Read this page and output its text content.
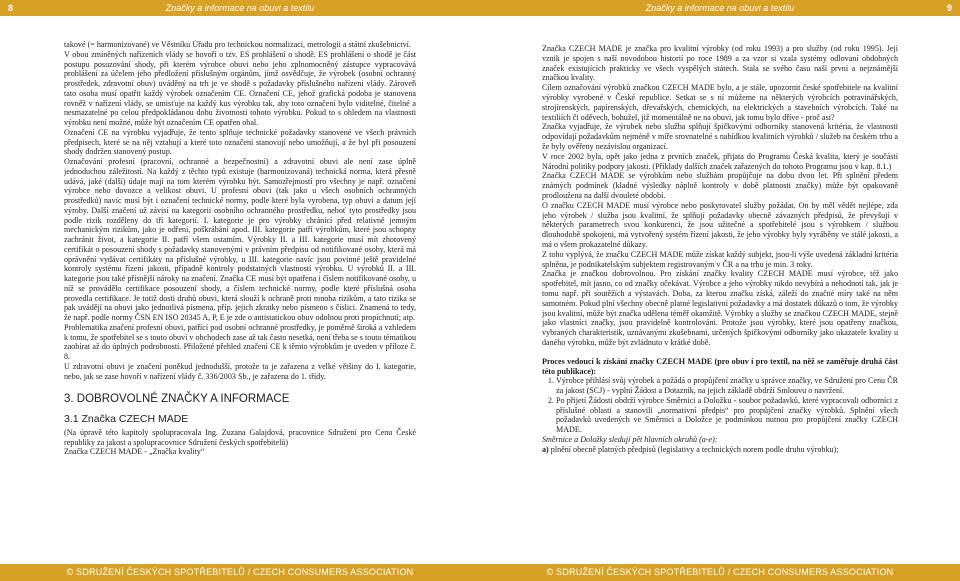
8	Značky a informace na obuvi a textilu

takové (= harmonizované) ve Věstníku Úřadu pro technickou normalizaci, metrologii a státní zkušebnictví.

V obou zmíněných nařízeních vlády se hovoří o tzv. ES prohlášení o shodě. ES prohlášení o shodě je část postupu posuzování shody, při kterém výrobce obuvi nebo jeho zplnomocněný zástupce vypracovává prohlášení za účelem jeho předložení příslušným orgánům, jímž osvědčuje, že výrobek (osobní ochranný prostředek, zdravotní obuv) uváděný na trh je ve shodě s požadavky příslušného nařízení vlády. Zároveň tato osoba musí opatřit každý výrobek označením CE. Označení CE, jehož grafická podoba je stanovena rovněž v nařízení vlády, se umisťuje na každý kus výrobku tak, aby toto označení bylo viditelné, čitelné a nesmazatelné po celou předpokládanou dobu životnosti tohoto výrobku. Pokud to s ohledem na vlastnosti výrobku není možné, může být označením CE opatřen obal.

Označení CE na výrobku vyjadřuje, že tento splňuje technické požadavky stanovené ve všech právních předpisech, které se na něj vztahují a které toto označení stanovují nebo umožňují, a že byl při posouzení shody dodržen stanovený postup.

Označování profesní (pracovní, ochranné a bezpečnostní) a zdravotní obuvi ale není zase úplně jednoduchou záležitostí. Na každý z těchto typů existuje (harmonizovaná) technická norma, která přesně udává, jaké (další) údaje mají na tom kterém výrobku být. Samozřejmostí pro všechny je např. označení výrobce nebo dovozce a velikost obuvi. U profesní obuvi (tak jako u všech osobních ochranných prostředků) navíc musí být i označení technické normy, podle které byla vyrobena, typ obuvi a datum její výroby. Další značení už závisí na kategorii osobního ochranného prostředku, neboť tyto prostředky jsou podle rizik rozděleny do tří kategorií. I. kategorie je pro výrobky chránící před relativně jemným mechanickým rizikům, jako je odření, poškrábání apod. III. kategorie patří výrobkům, které jsou schopny zachránit život, a kategorie II. patří všem ostatním. Výrobky II. a III. kategorie musí mít zhotovený certifikát o posouzení shody s požadavky stanovenými v právním předpisu od notifikované osoby, která má oprávnění vydávat certifikáty na příslušné výrobky, u III. kategorie navíc jsou povinné ještě pravidelné kontroly systému řízení jakosti, případně kontroly podstatných vlastností výrobku. U výrobků II. a III. kategorie jsou také přísnější nároky na značení. Značka CE musí být opatřena i číslem notifikované osoby, u níž se provádělo certifikace posouzení shody, a číslem technické normy, podle které příslušná osoba provedla certifikace. Je totiž dosti druhů obuvi, která slouží k ochraně proti mnoha rizikům, a tato rizika se pak uvádějí na obuvi jako jednotlivá písmena, příp. jejich zkratky nebo písmeno s číslici. Znamená to tedy, že např. podle normy ČSN EN ISO 20345 A, P, E je zde o antistatickou obuv odolnou proti propíchnutí; atp.

Problematika značení profesní obuvi, patřící pod osobní ochranné prostředky, je poměrně široká a vzhledem k tomu, že spotřebitel se s touto obuví v obchodech zase až tak často nesetká, není třeba se s touto tématikou zaobírat až do úplných podrobností. Přiložené přehled značení CE k těmto výrobkům je uveden v příloze č. 8.

U zdravotní obuvi je značení poněkud jednodušší, protože ta je zařazena z velké většiny do I. kategorie, nebo, jak se zase hovoří v nařízení vlády č. 336/2003 Sb., je zařazena do 1. třídy.

3. DOBROVOLNÉ ZNAČKY A INFORMACE
3.1 Značka CZECH MADE

(Na úpravě této kapitoly spolupracovala Ing. Zuzana Galajdová, pracovnice Sdružení pro Cenu České republiky za jakost a spolupracovnice Sdružení českých spotřebitelů)

Značka CZECH MADE - „Značka kvality“

© SDRUŽENÍ ČESKÝCH SPOTŘEBITELŮ / CZECH CONSUMERS ASSOCIATION
Značky a informace na obuvi a textilu	9

Značka CZECH MADE je značka pro kvalitní výrobky (od roku 1993) a pro služby (od roku 1995). Její vznik je spojen s naší novodobou historií po roce 1989 a za vzor si vzala systémy odlovaní obdobných značek existujících prakticky ve všech vyspělých státech. Stala se svého času naší první a nejznámější značkou kvality.

Cílem označování výrobků značkou CZECH MADE bylo, a je stále, upozornit české spotřebitele na kvalitní výrobky vyrobené v České republice. Setkat se s ní můžeme na některých výrobcích potravinářských, strojírenských, papírenských, dřevařských, chemických, na elektrických a stavebních výrobcích. Také na textiliích či oděvech, bohužel, již momentálně ne na obuvi, jak tomu bylo dříve - proč asi?

Značka vyjadřuje, že výrobek nebo služba splňují špičkovými odborníky stanovená kritéria, že vlastnosti odpovídají požadavkům nejméně v míře srovnatelné s nabídkou kvalitních výrobků / služeb na českém trhu a že byly ověřeny nezávislou organizací.

V roce 2002 byla, opět jako jedna z prvních značek, přijata do Programu Česká kvalita, který je součástí Národní politiky podpory jakosti. (Příklady dalších značek zařazených do tohoto Programu jsou v kap. 8.1.)

Značka CZECH MADE se výrobkům nebo službám propůjčuje na dobu dvou let. Při splnění předem známých podmínek (kladné výsledky náplně kontroly v době platnosti značky) může být opakovaně prodloužena na další dvouleté období.

O značku CZECH MADE musí výrobce nebo poskytovatel služby požádat. On by měl vědět nejlépe, zda jeho výrobek / služba jsou kvalitní, že splňují požadavky obecně závazných předpisů, že převyšují v některých parametrech svou konkurenci, že jsou užitečné a spotřebitelé jsou s výrobkem / službou dlouhodobě spokojeni, má vytvořený systém řízení jakosti, že jeho výrobky byly vyráběny ve stálé jakosti, a má o všem prokazatelné důkazy.

Z toho vyplývá, že značku CZECH MADE může získat každý subjekt, jsou-li výše uvedená základní kritéria splněna, je podnikatelským subjektem registrovaným v ČR a na trhu je min. 3 roky.

Značka je značkou dobrovolnou. Pro získání značky kvality CZECH MADE musí výrobce, též jako spotřebitel, mít jasno, co od značky očekávat. Výrobce a jeho výrobky nikdo nevybírá a nehodnotí tak, jak je tomu např. při soutěžích a výstavách. Doba, za kterou značku získá, záleží do značné míry také na něm samotném. Pokud plní všechny obecně platné legislativní požadavky a má dostatek důkazů o tom, že výrobky jsou kvalitní, může být značka udělena téměř okamžitě. Výrobky a služby se značkou CZECH MADE, stejně jako vlastníci značky, jsou pravidelně kontrolováni. Protože jsou výrobky, které jsou opatřeny značkou, vybraných charakteristik, uznávanými zkušebnami, určených špičkovými odborníky jako ukazatele kvality u daného výrobku, může být zvládnuto v krátké době.

Proces vedoucí k získání značky CZECH MADE (pro obuv i pro textil, na něž se zaměřuje druhá část této publikace):

1. Výrobce přihlásí svůj výrobek a požádá o propůjčení značky u správce značky, ve Sdružení pro Cenu ČR za jakost (SCJ) - vyplní Žádost a Dotazník, na jejich základě obdrží Smlouvu o navržení.
2. Po přijetí Žádosti obdrží výrobce Směrnici a Doložku - soubor požadavků, které vypracovali odborníci z příslušné oblasti a stanovili „normativní předpis“ pro propůjčení značky výrobků. Splnění všech požadavků uvedených ve Směrnici a Doložce je podmínkou nutnou pro propůjčení značky CZECH MADE.

Směrnice a Doložky sledují pět hlavních okruhů (a-e):

a) plnění obecně platných předpisů (legislativy a technických norem podle druhu výrobku);

© SDRUŽENÍ ČESKÝCH SPOTŘEBITELŮ / CZECH CONSUMERS ASSOCIATION
